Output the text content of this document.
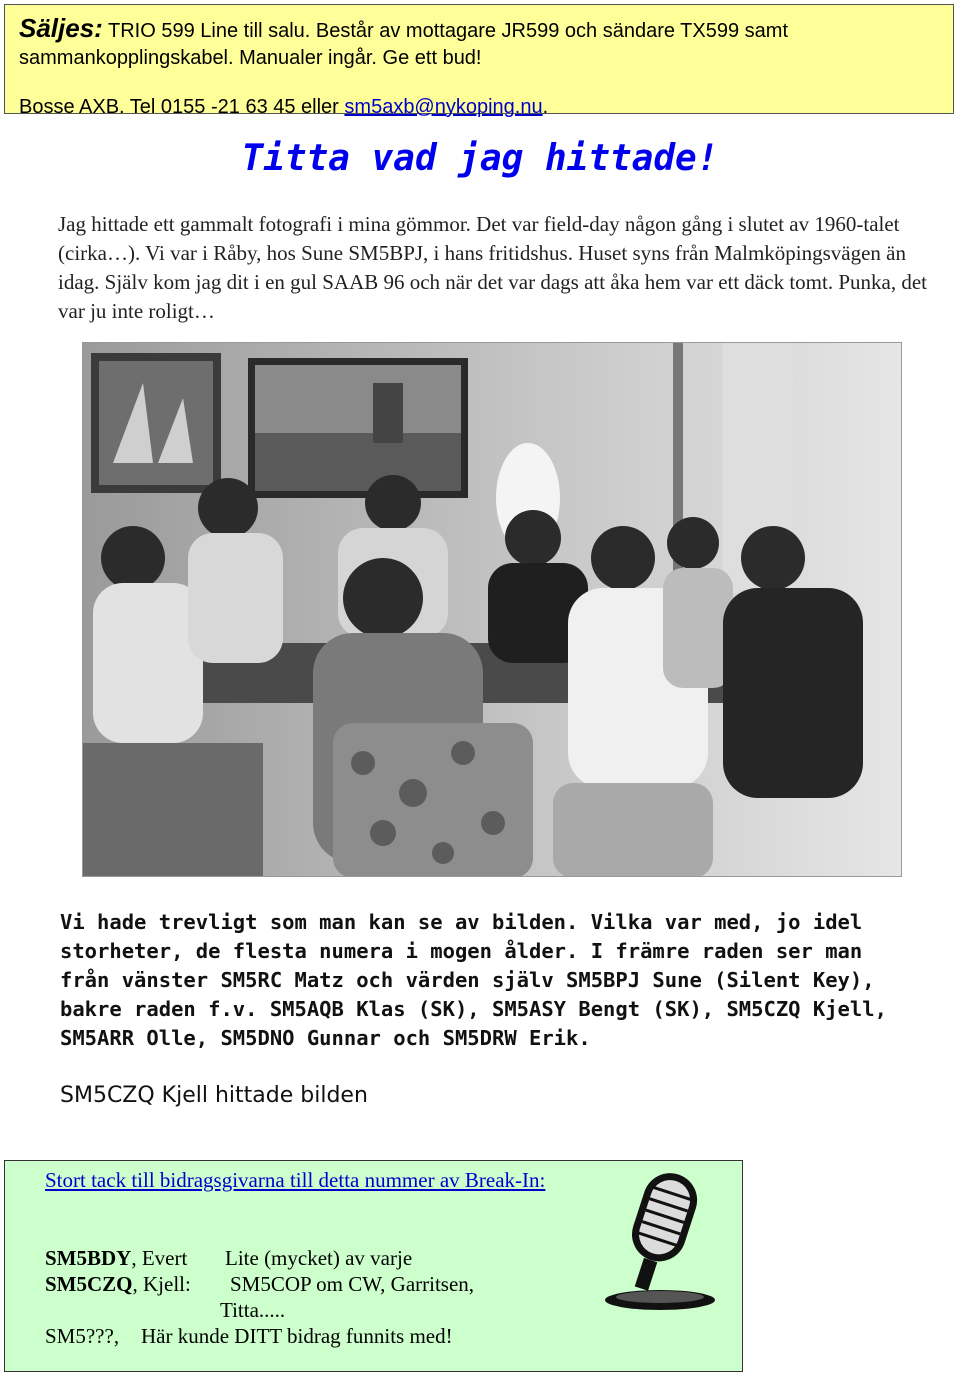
Säljes: TRIO 599 Line till salu. Består av mottagare JR599 och sändare TX599 samt sammankopplingskabel. Manualer ingår. Ge ett bud!
Bosse AXB. Tel 0155 -21 63 45 eller sm5axb@nykoping.nu.
Titta vad jag hittade!
Jag hittade ett gammalt fotografi i mina gömmor. Det var field-day någon gång i slutet av 1960-talet (cirka…). Vi var i Råby, hos Sune SM5BPJ, i hans fritidshus. Huset syns från Malmköpingsvägen än idag. Själv kom jag dit i en gul SAAB 96 och när det var dags att åka hem var ett däck tomt. Punka, det var ju inte roligt…
Vi hade trevligt som man kan se av bilden. Vilka var med, jo idel storheter, de flesta numera i mogen ålder. I främre raden ser man från vänster SM5RC Matz och värden själv SM5BPJ Sune (Silent Key), bakre raden f.v. SM5AQB Klas (SK), SM5ASY Bengt (SK), SM5CZQ Kjell, SM5ARR Olle, SM5DNO Gunnar och SM5DRW Erik.
SM5CZQ Kjell hittade bilden
Stort tack till bidragsgivarna till detta nummer av Break-In:
SM5BDY, Evert Lite (mycket) av varje
SM5CZQ, Kjell: SM5COP om CW, Garritsen,
Titta.....
SM5???, Här kunde DITT bidrag funnits med!
